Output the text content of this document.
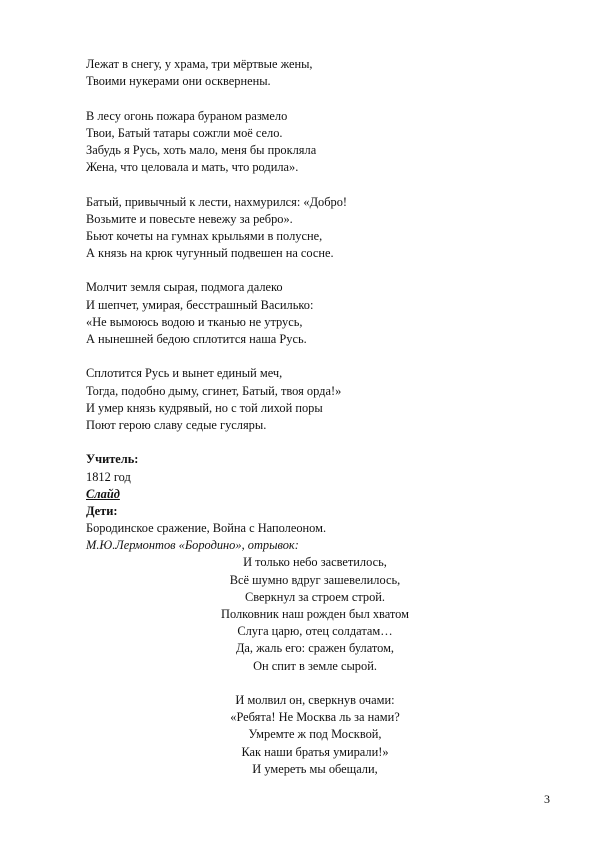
Лежат в снегу, у храма, три мёртвые жены,
Твоими нукерами они осквернены.
В лесу огонь пожара бураном размело
Твои, Батый татары сожгли моё село.
Забудь я Русь, хоть мало, меня бы прокляла
Жена, что целовала и мать, что родила».
Батый, привычный к лести, нахмурился: «Добро!
Возьмите и повесьте невежу за ребро».
Бьют кочеты на гумнах крыльями в полусне,
А князь на крюк чугунный подвешен на сосне.
Молчит земля сырая, подмога далеко
И шепчет, умирая, бесстрашный Василько:
«Не вымоюсь водою и тканью не утрусь,
А нынешней бедою сплотится наша Русь.
Сплотится Русь и вынет единый меч,
Тогда, подобно дыму, сгинет, Батый, твоя орда!»
И умер князь кудрявый, но с той лихой поры
Поют герою славу седые гусляры.
Учитель:
1812 год
Слайд
Дети:
Бородинское сражение, Война с Наполеоном.
М.Ю.Лермонтов «Бородино», отрывок:
И только небо засветилось,
Всё шумно вдруг зашевелилось,
Сверкнул за строем строй.
Полковник наш рожден был хватом
Слуга царю, отец солдатам…
Да, жаль его: сражен булатом,
Он спит в земле сырой.
И молвил он, сверкнув очами:
«Ребята! Не Москва ль за нами?
Умремте ж под Москвой,
Как наши братья умирали!»
И умереть мы обещали,
3
